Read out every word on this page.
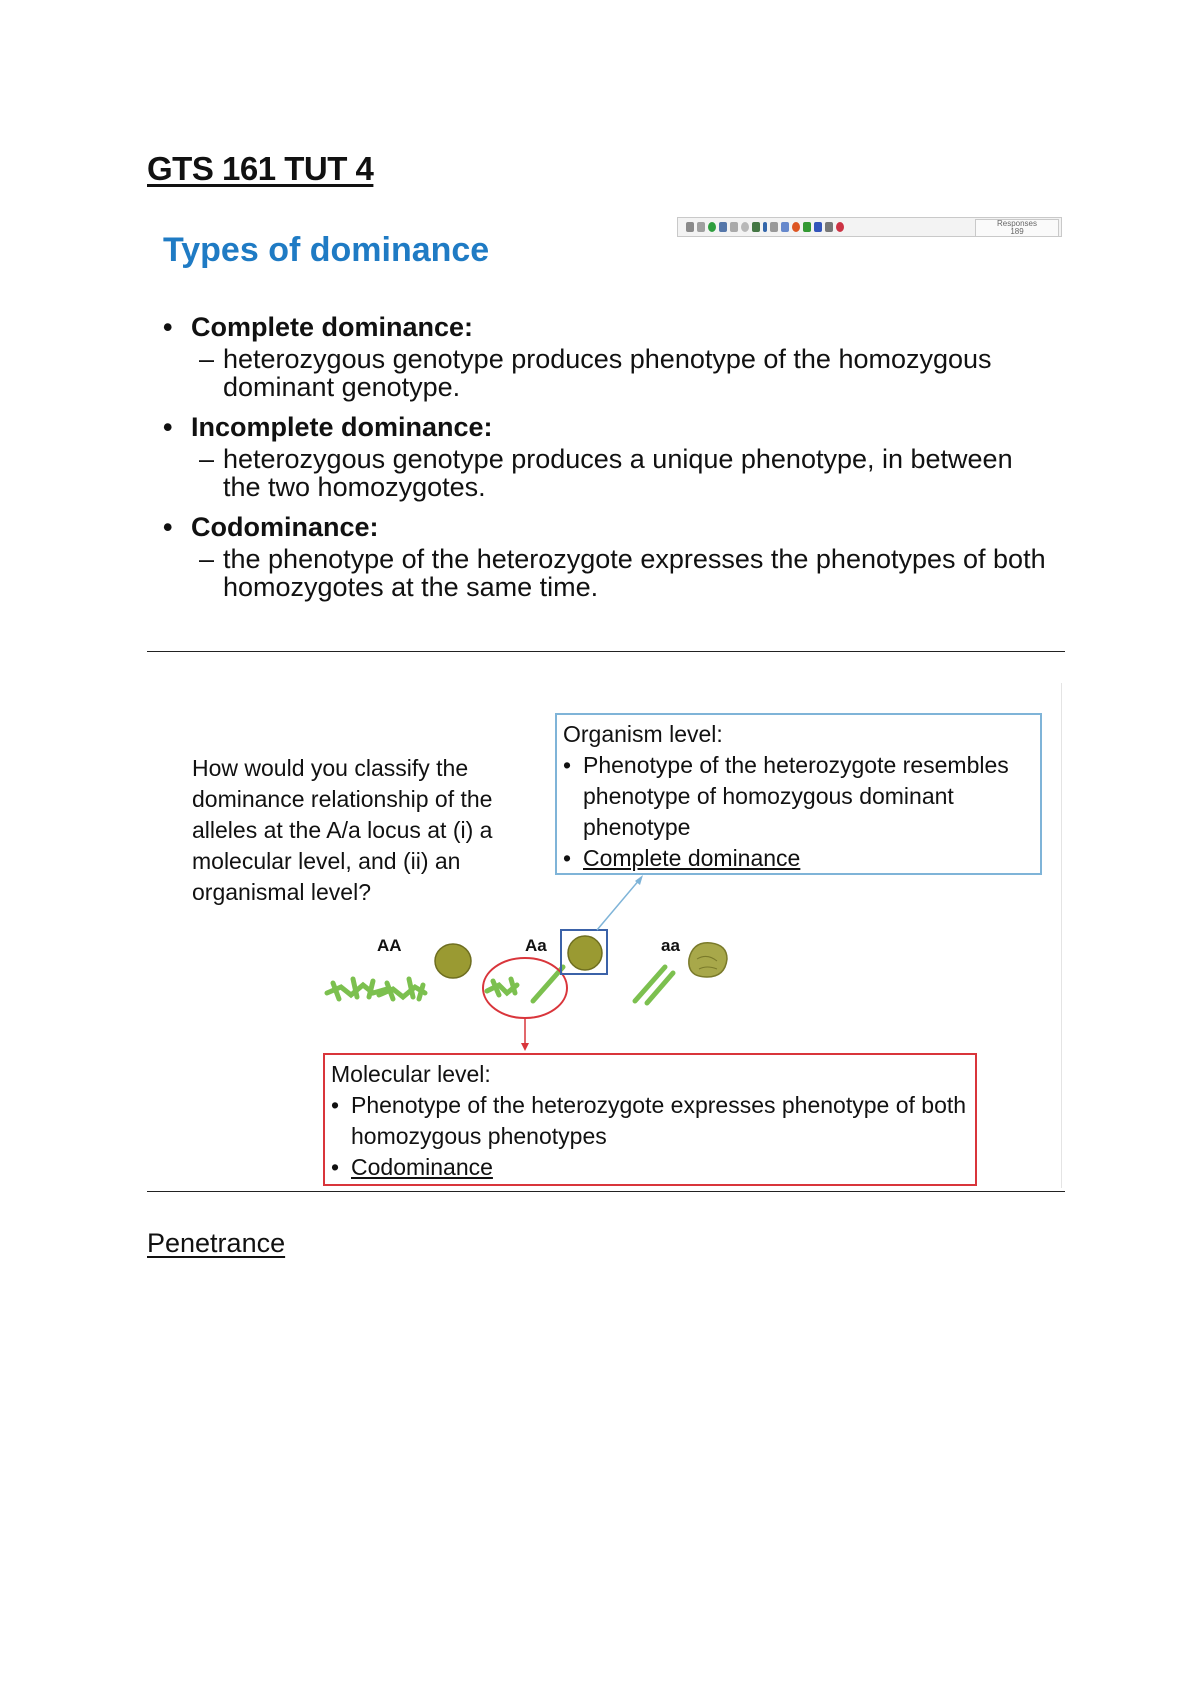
GTS 161 TUT 4
Types of dominance
Responses
189
• Complete dominance:
– heterozygous genotype produces phenotype of the homozygous dominant genotype.
• Incomplete dominance:
– heterozygous genotype produces a unique phenotype, in between the two homozygotes.
• Codominance:
– the phenotype of the heterozygote expresses the phenotypes of both homozygotes at the same time.
AA	Aa	aa
How would you classify the dominance relationship of the alleles at the A/a locus at (i) a molecular level, and (ii) an organismal level?
Organism level:
• Phenotype of the heterozygote resembles phenotype of homozygous dominant phenotype
• Complete dominance
Molecular level:
• Phenotype of the heterozygote expresses phenotype of both homozygous phenotypes
• Codominance
Penetrance
